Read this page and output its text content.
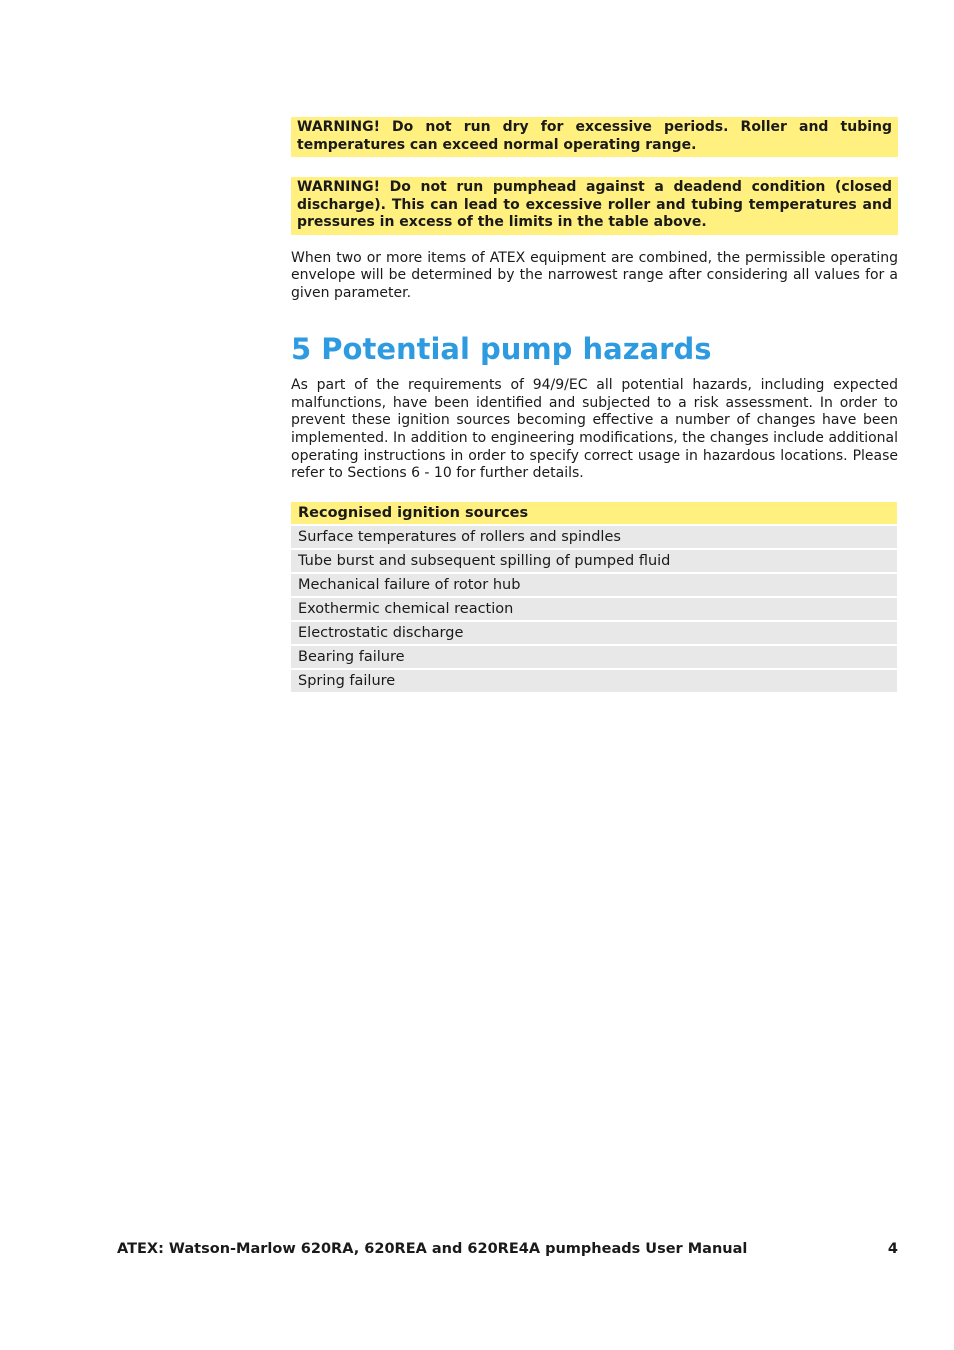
WARNING! Do not run dry for excessive periods. Roller and tubing temperatures can exceed normal operating range.
WARNING! Do not run pumphead against a deadend condition (closed discharge). This can lead to excessive roller and tubing temperatures and pressures in excess of the limits in the table above.

When two or more items of ATEX equipment are combined, the permissible operating envelope will be determined by the narrowest range after considering all values for a given parameter.

5 Potential pump hazards

As part of the requirements of 94/9/EC all potential hazards, including expected malfunctions, have been identified and subjected to a risk assessment. In order to prevent these ignition sources becoming effective a number of changes have been implemented. In addition to engineering modifications, the changes include additional operating instructions in order to specify correct usage in hazardous locations. Please refer to Sections 6 - 10 for further details.

Recognised ignition sources
Surface temperatures of rollers and spindles
Tube burst and subsequent spilling of pumped fluid
Mechanical failure of rotor hub
Exothermic chemical reaction
Electrostatic discharge
Bearing failure
Spring failure
ATEX: Watson-Marlow 620RA, 620REA and 620RE4A pumpheads User Manual	4
